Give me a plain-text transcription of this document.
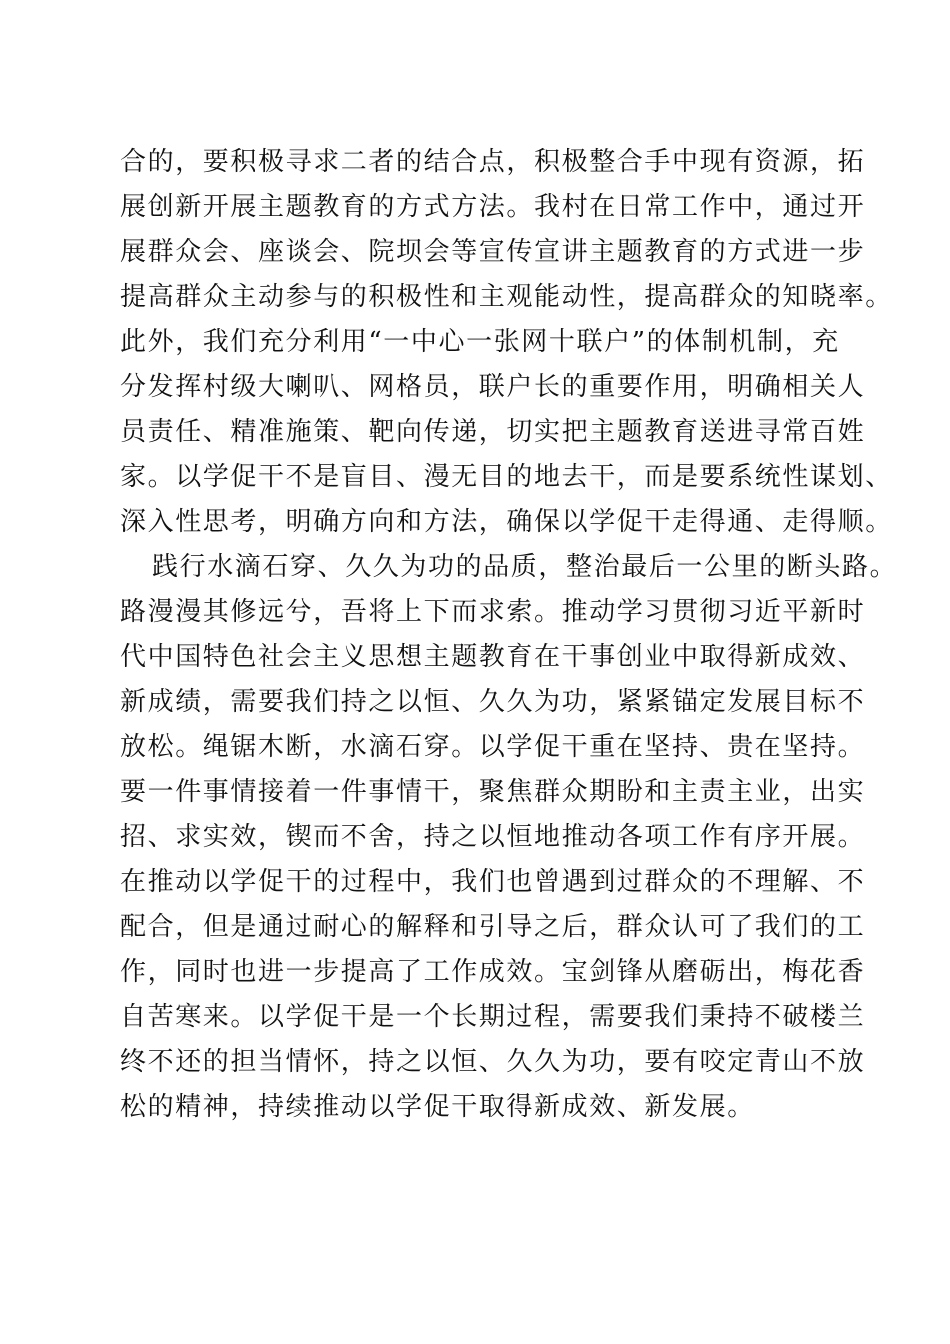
合的，要积极寻求二者的结合点，积极整合手中现有资源，拓
展创新开展主题教育的方式方法。我村在日常工作中，通过开
展群众会、座谈会、院坝会等宣传宣讲主题教育的方式进一步
提高群众主动参与的积极性和主观能动性，提高群众的知晓率。
此外，我们充分利用“一中心一张网十联户”的体制机制，充
分发挥村级大喇叭、网格员，联户长的重要作用，明确相关人
员责任、精准施策、靶向传递，切实把主题教育送进寻常百姓
家。以学促干不是盲目、漫无目的地去干，而是要系统性谋划、
深入性思考，明确方向和方法，确保以学促干走得通、走得顺。
践行水滴石穿、久久为功的品质，整治最后一公里的断头路。
路漫漫其修远兮，吾将上下而求索。推动学习贯彻习近平新时
代中国特色社会主义思想主题教育在干事创业中取得新成效、
新成绩，需要我们持之以恒、久久为功，紧紧锚定发展目标不
放松。绳锯木断，水滴石穿。以学促干重在坚持、贵在坚持。
要一件事情接着一件事情干，聚焦群众期盼和主责主业，出实
招、求实效，锲而不舍，持之以恒地推动各项工作有序开展。
在推动以学促干的过程中，我们也曾遇到过群众的不理解、不
配合，但是通过耐心的解释和引导之后，群众认可了我们的工
作，同时也进一步提高了工作成效。宝剑锋从磨砺出，梅花香
自苦寒来。以学促干是一个长期过程，需要我们秉持不破楼兰
终不还的担当情怀，持之以恒、久久为功，要有咬定青山不放
松的精神，持续推动以学促干取得新成效、新发展。
